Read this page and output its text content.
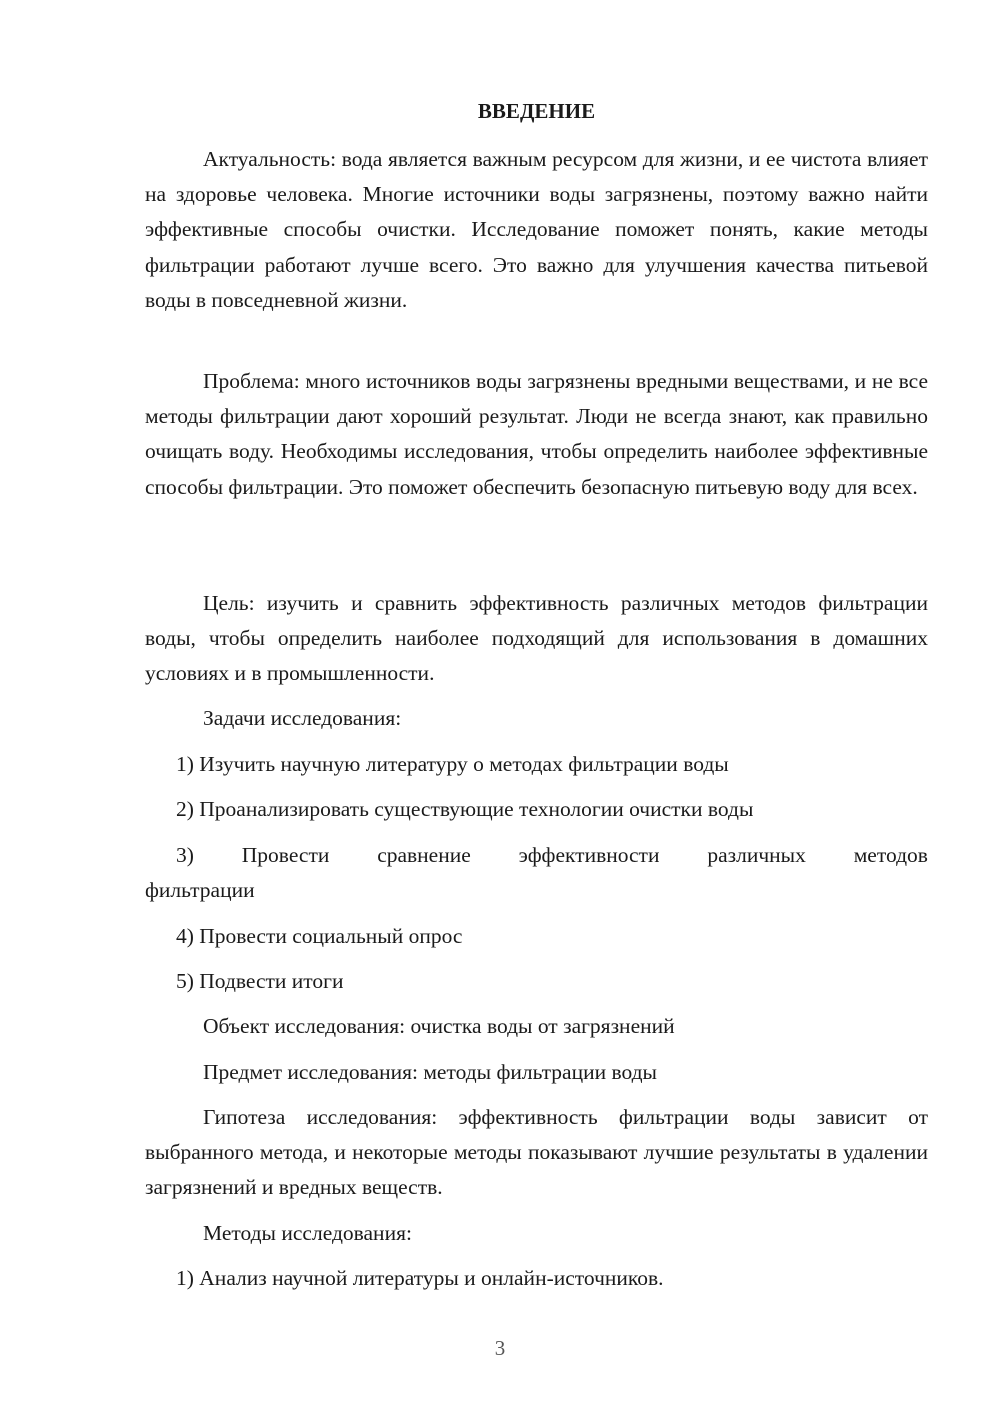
ВВЕДЕНИЕ

Актуальность: вода является важным ресурсом для жизни, и ее чистота влияет на здоровье человека. Многие источники воды загрязнены, поэтому важно найти эффективные способы очистки. Исследование поможет понять, какие методы фильтрации работают лучше всего. Это важно для улучшения качества питьевой воды в повседневной жизни.

Проблема: много источников воды загрязнены вредными веществами, и не все методы фильтрации дают хороший результат. Люди не всегда знают, как правильно очищать воду. Необходимы исследования, чтобы определить наиболее эффективные способы фильтрации. Это поможет обеспечить безопасную питьевую воду для всех.

Цель: изучить и сравнить эффективность различных методов фильтрации воды, чтобы определить наиболее подходящий для использования в домашних условиях и в промышленности.

Задачи исследования:

1) Изучить научную литературу о методах фильтрации воды

2) Проанализировать существующие технологии очистки воды

3) Провести сравнение эффективности различных методов

фильтрации

4) Провести социальный опрос

5) Подвести итоги

Объект исследования: очистка воды от загрязнений

Предмет исследования: методы фильтрации воды

Гипотеза исследования: эффективность фильтрации воды зависит от выбранного метода, и некоторые методы показывают лучшие результаты в удалении загрязнений и вредных веществ.

Методы исследования:

1) Анализ научной литературы и онлайн-источников.

3
